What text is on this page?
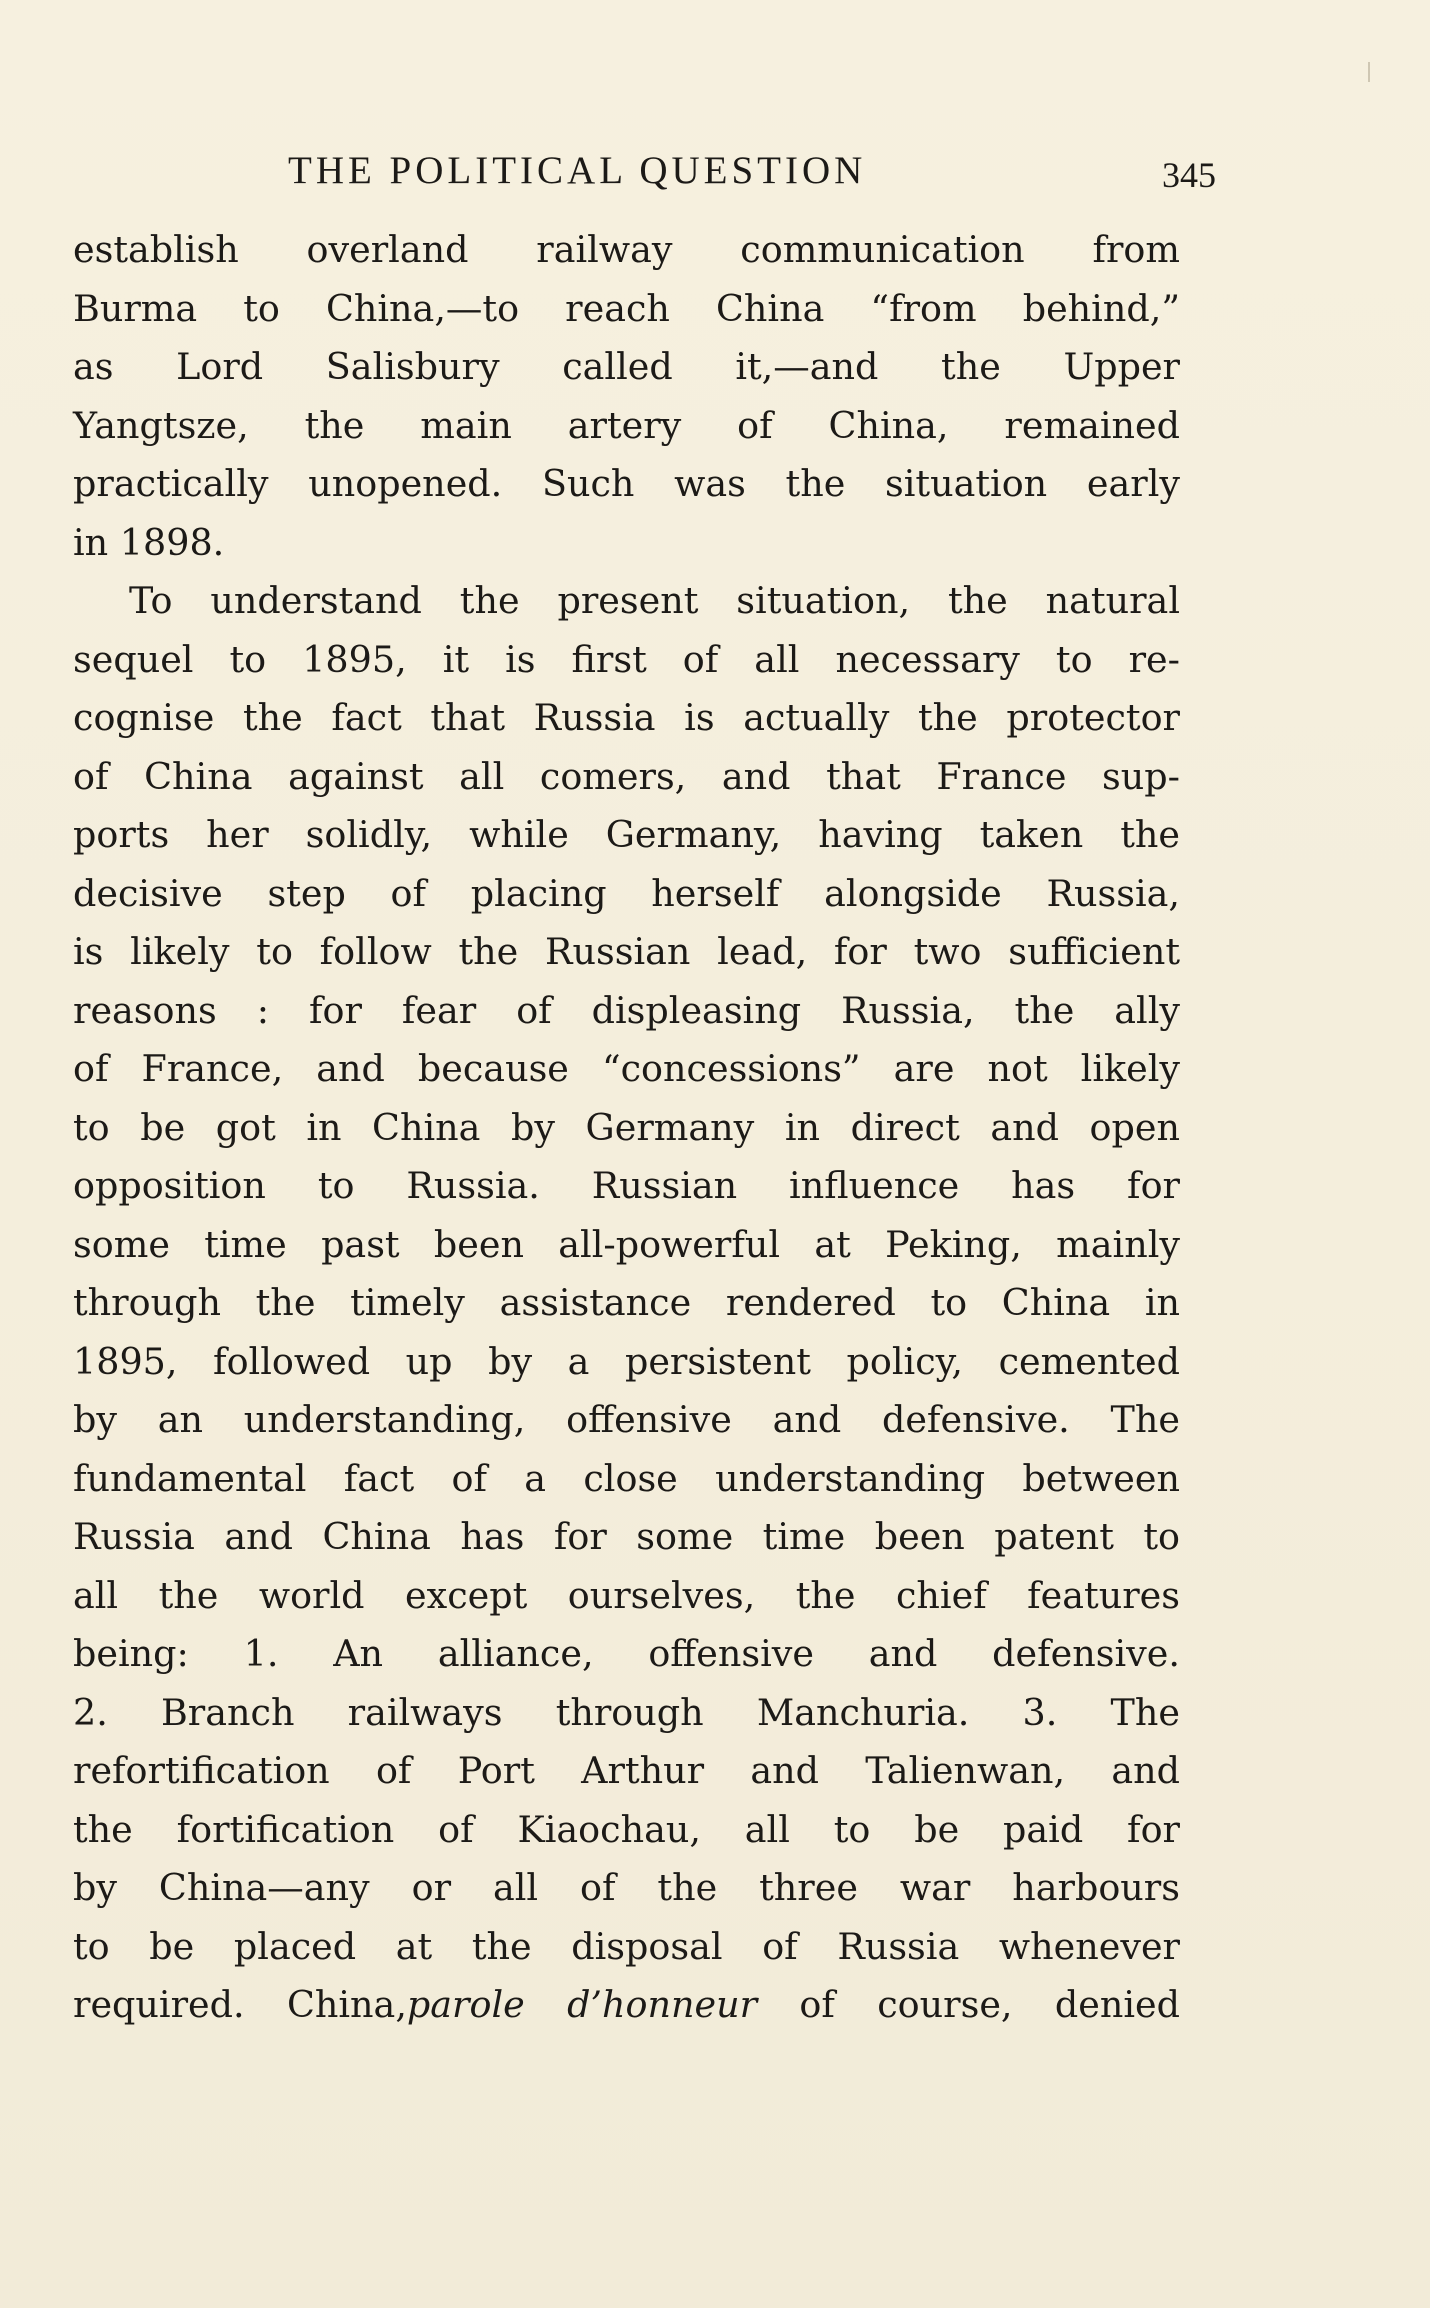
THE POLITICAL QUESTION	345
establish overland railway communication from
Burma to China,—to reach China “from behind,”
as Lord Salisbury called it,—and the Upper
Yangtsze, the main artery of China, remained
practically unopened. Such was the situation early
in 1898.
To understand the present situation, the natural
sequel to 1895, it is first of all necessary to re-
cognise the fact that Russia is actually the protector
of China against all comers, and that France sup-
ports her solidly, while Germany, having taken the
decisive step of placing herself alongside Russia,
is likely to follow the Russian lead, for two sufficient
reasons : for fear of displeasing Russia, the ally
of France, and because “concessions” are not likely
to be got in China by Germany in direct and open
opposition to Russia. Russian influence has for
some time past been all-powerful at Peking, mainly
through the timely assistance rendered to China in
1895, followed up by a persistent policy, cemented
by an understanding, offensive and defensive. The
fundamental fact of a close understanding between
Russia and China has for some time been patent to
all the world except ourselves, the chief features
being: 1. An alliance, offensive and defensive.
2. Branch railways through Manchuria. 3. The
refortification of Port Arthur and Talienwan, and
the fortification of Kiaochau, all to be paid for
by China—any or all of the three war harbours
to be placed at the disposal of Russia whenever
required. China,parole d’honneur of course, denied
